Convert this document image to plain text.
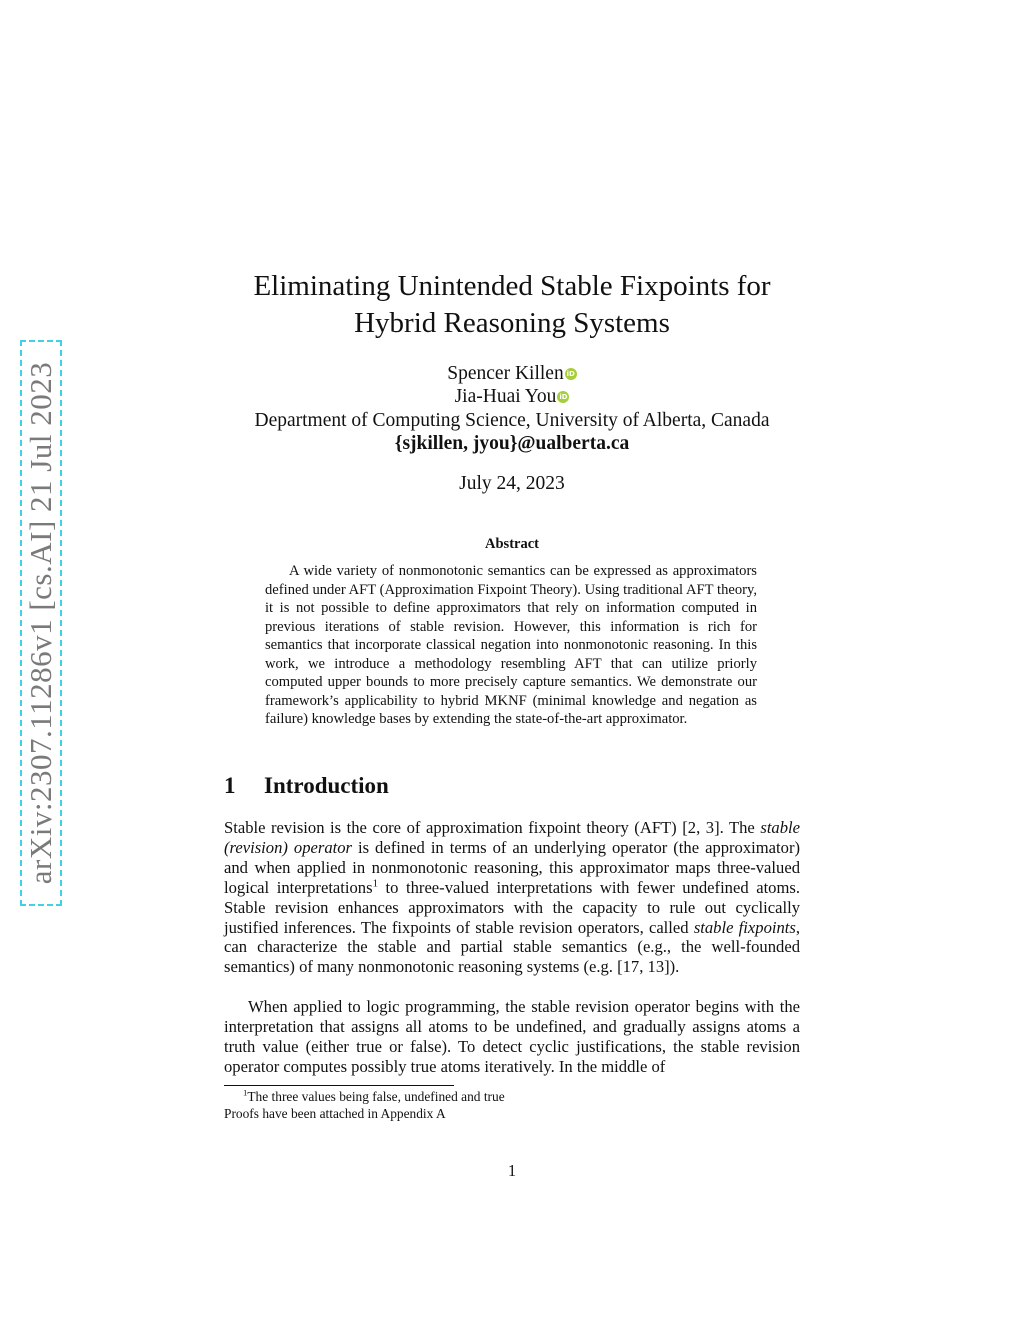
arXiv:2307.11286v1 [cs.AI] 21 Jul 2023
Eliminating Unintended Stable Fixpoints for
Hybrid Reasoning Systems
Spencer Killen iD
Jia-Huai You iD
Department of Computing Science, University of Alberta, Canada
{sjkillen, jyou}@ualberta.ca
July 24, 2023
Abstract

A wide variety of nonmonotonic semantics can be expressed as approximators defined under AFT (Approximation Fixpoint Theory). Using traditional AFT theory, it is not possible to define approximators that rely on information computed in previous iterations of stable revision. However, this information is rich for semantics that incorporate classical negation into nonmonotonic reasoning. In this work, we introduce a methodology resembling AFT that can utilize priorly computed upper bounds to more precisely capture semantics. We demonstrate our framework’s applicability to hybrid MKNF (minimal knowledge and negation as failure) knowledge bases by extending the state-of-the-art approximator.

1 Introduction

Stable revision is the core of approximation fixpoint theory (AFT) [2, 3]. The stable (revision) operator is defined in terms of an underlying operator (the approximator) and when applied in nonmonotonic reasoning, this approximator maps three-valued logical interpretations$^1$ to three-valued interpretations with fewer undefined atoms. Stable revision enhances approximators with the capacity to rule out cyclically justified inferences. The fixpoints of stable revision operators, called stable fixpoints, can characterize the stable and partial stable semantics (e.g., the well-founded semantics) of many nonmonotonic reasoning systems (e.g. [17, 13]).

When applied to logic programming, the stable revision operator begins with the interpretation that assigns all atoms to be undefined, and gradually assigns atoms a truth value (either true or false). To detect cyclic justifications, the stable revision operator computes possibly true atoms iteratively. In the middle of

$^1$The three values being false, undefined and true

Proofs have been attached in Appendix A

1
